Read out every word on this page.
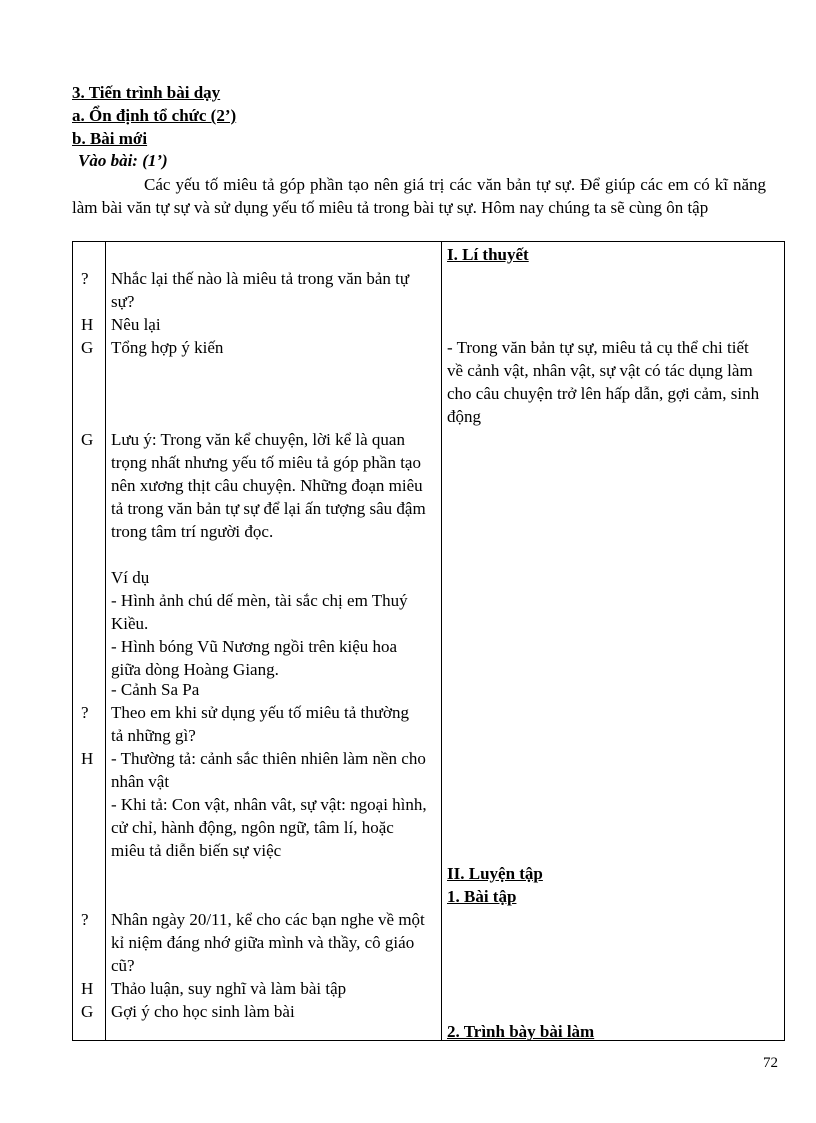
3. Tiến trình bài dạy
a. Ổn định tổ chức (2’)
b. Bài mới
Vào bài: (1’)
Các yếu tố miêu tả góp phần tạo nên giá trị các văn bản tự sự. Để giúp các em có kĩ năng làm bài văn tự sự và sử dụng yếu tố miêu tả trong bài tự sự. Hôm nay chúng ta sẽ cùng ôn tập
?
H
G
G
?
H
?
H
G
Nhắc lại thế nào là miêu tả trong văn bản tự sự?
Nêu lại
Tổng hợp ý kiến
Lưu ý: Trong văn kể chuyện, lời kể là quan trọng nhất nhưng yếu tố miêu tả góp phần tạo nên xương thịt câu chuyện. Những đoạn miêu tả trong văn bản tự sự để lại ấn tượng sâu đậm trong tâm trí người đọc.
Ví dụ
- Hình ảnh chú dế mèn, tài sắc chị em Thuý Kiều.
- Hình bóng Vũ Nương ngồi trên kiệu hoa giữa dòng Hoàng Giang.
- Cảnh Sa Pa
Theo em khi sử dụng yếu tố miêu tả thường tả những gì?
- Thường tả: cảnh sắc thiên nhiên làm nền cho nhân vật
- Khi tả: Con vật, nhân vât, sự vật: ngoại hình, cử chỉ, hành động, ngôn ngữ, tâm lí, hoặc miêu tả diễn biến sự việc
Nhân ngày 20/11, kể cho các bạn nghe về một kỉ niệm đáng nhớ giữa mình và thầy, cô giáo cũ?
Thảo luận, suy nghĩ và làm bài tập
Gợi ý cho học sinh làm bài
I. Lí thuyết
- Trong văn bản tự sự, miêu tả cụ thể chi tiết về cảnh vật, nhân vật, sự vật có tác dụng làm cho câu chuyện trở lên hấp dẫn, gợi cảm, sinh động
II. Luyện tập
1. Bài tập
2. Trình bày bài làm
72
